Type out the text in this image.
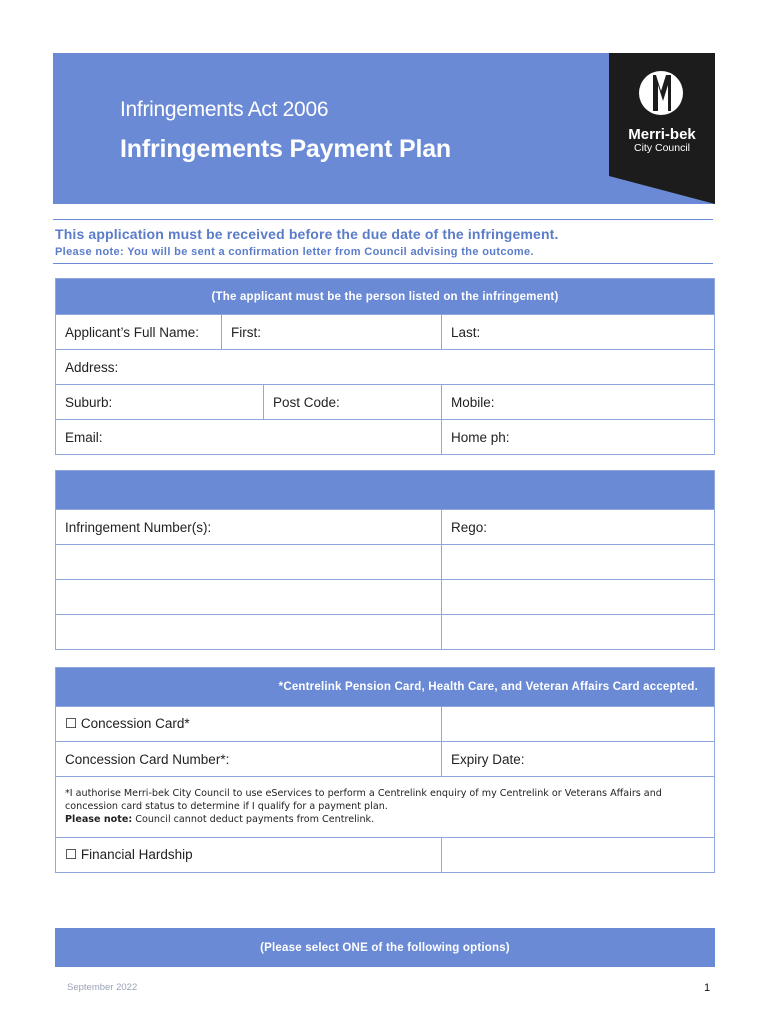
Infringements Act 2006
Infringements Payment Plan
Merri-bek
City Council
This application must be received before the due date of the infringement.
Please note: You will be sent a confirmation letter from Council advising the outcome.
(The applicant must be the person listed on the infringement)
Applicant’s Full Name:	First:	Last:
Address:
Suburb:	Post Code:	Mobile:
Email:	Home ph:
Infringement Number(s):	Rego:
*Centrelink Pension Card, Health Care, and Veteran Affairs Card accepted.
☐ Concession Card*
Concession Card Number*:	Expiry Date:
*I authorise Merri-bek City Council to use eServices to perform a Centrelink enquiry of my Centrelink or Veterans Affairs and concession card status to determine if I qualify for a payment plan.
Please note: Council cannot deduct payments from Centrelink.
☐ Financial Hardship
(Please select ONE of the following options)
September 2022	1
